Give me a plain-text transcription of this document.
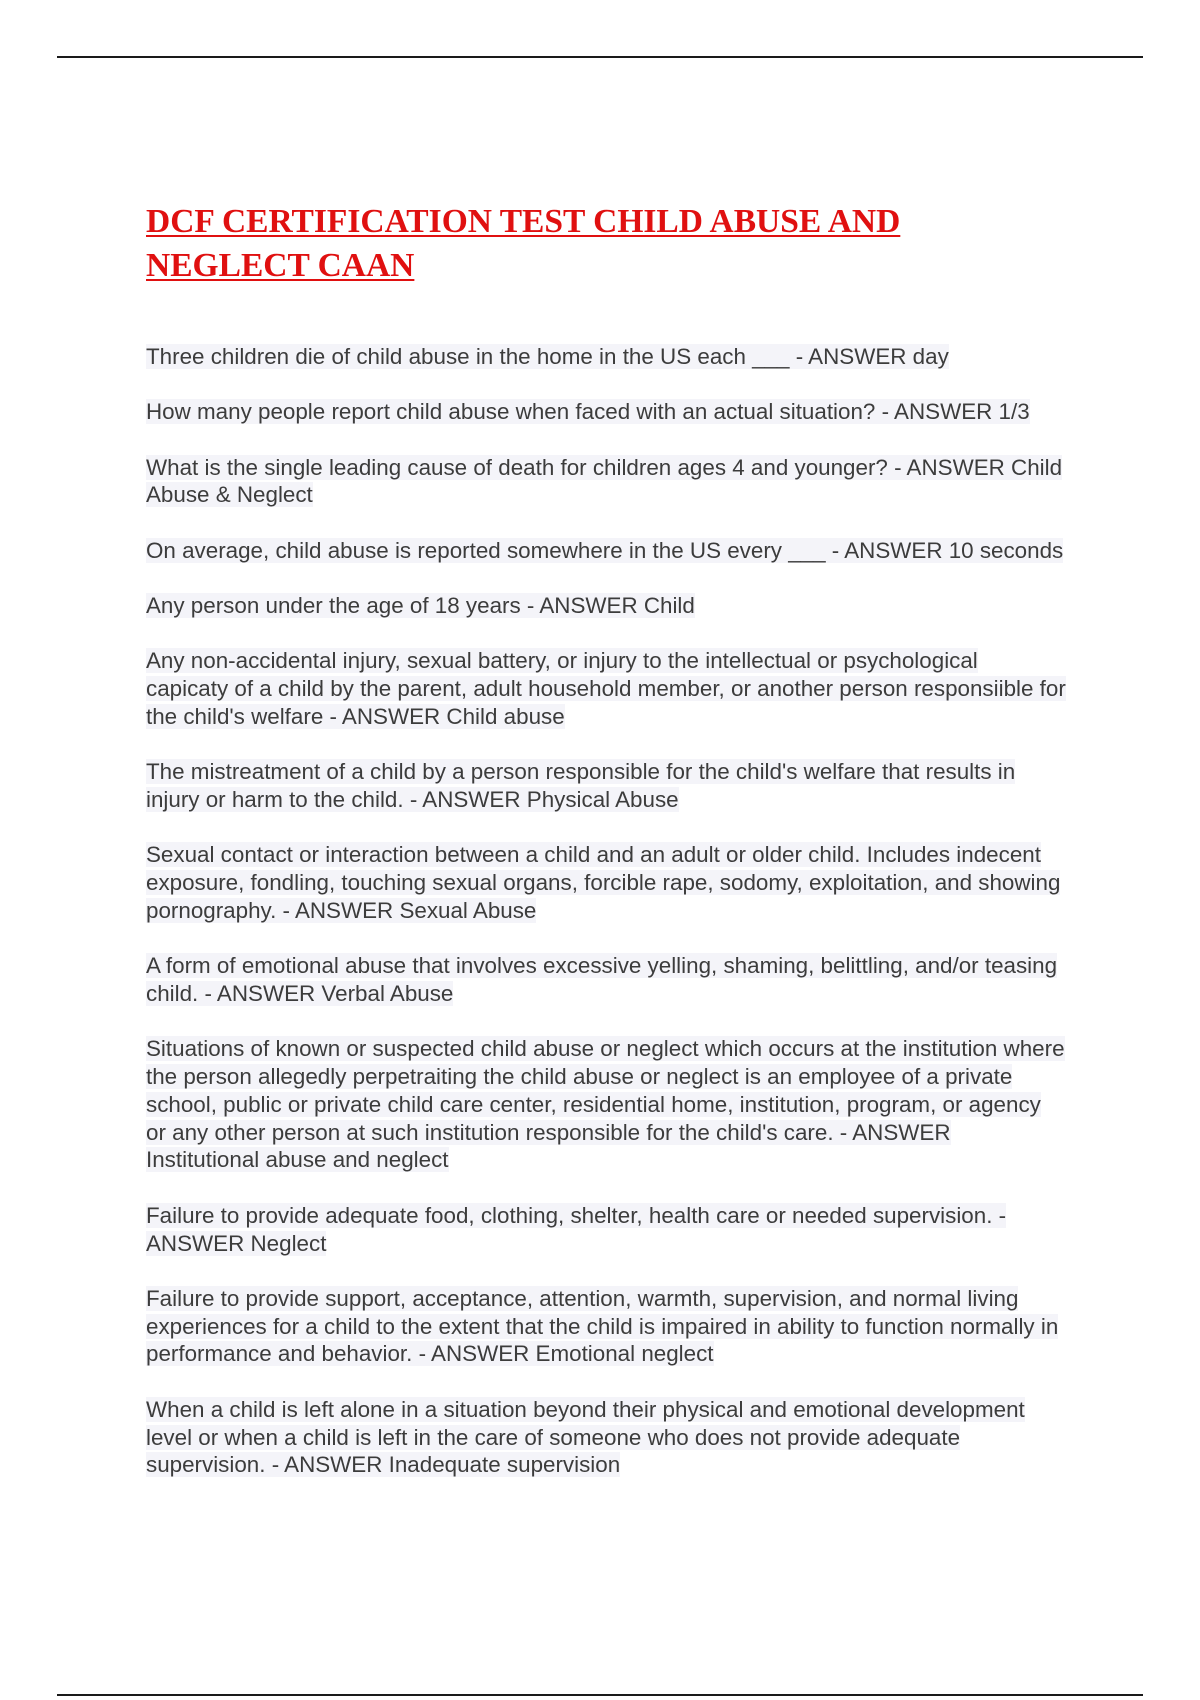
DCF CERTIFICATION TEST CHILD ABUSE AND NEGLECT CAAN
Three children die of child abuse in the home in the US each ___ - ANSWER day
How many people report child abuse when faced with an actual situation? - ANSWER 1/3
What is the single leading cause of death for children ages 4 and younger? - ANSWER Child Abuse & Neglect
On average, child abuse is reported somewhere in the US every ___ - ANSWER 10 seconds
Any person under the age of 18 years - ANSWER Child
Any non-accidental injury, sexual battery, or injury to the intellectual or psychological capicaty of a child by the parent, adult household member, or another person responsiible for the child's welfare - ANSWER Child abuse
The mistreatment of a child by a person responsible for the child's welfare that results in injury or harm to the child. - ANSWER Physical Abuse
Sexual contact or interaction between a child and an adult or older child. Includes indecent exposure, fondling, touching sexual organs, forcible rape, sodomy, exploitation, and showing pornography. - ANSWER Sexual Abuse
A form of emotional abuse that involves excessive yelling, shaming, belittling, and/or teasing child. - ANSWER Verbal Abuse
Situations of known or suspected child abuse or neglect which occurs at the institution where the person allegedly perpetraiting the child abuse or neglect is an employee of a private school, public or private child care center, residential home, institution, program, or agency or any other person at such institution responsible for the child's care. - ANSWER Institutional abuse and neglect
Failure to provide adequate food, clothing, shelter, health care or needed supervision. - ANSWER Neglect
Failure to provide support, acceptance, attention, warmth, supervision, and normal living experiences for a child to the extent that the child is impaired in ability to function normally in performance and behavior. - ANSWER Emotional neglect
When a child is left alone in a situation beyond their physical and emotional development level or when a child is left in the care of someone who does not provide adequate supervision. - ANSWER Inadequate supervision
